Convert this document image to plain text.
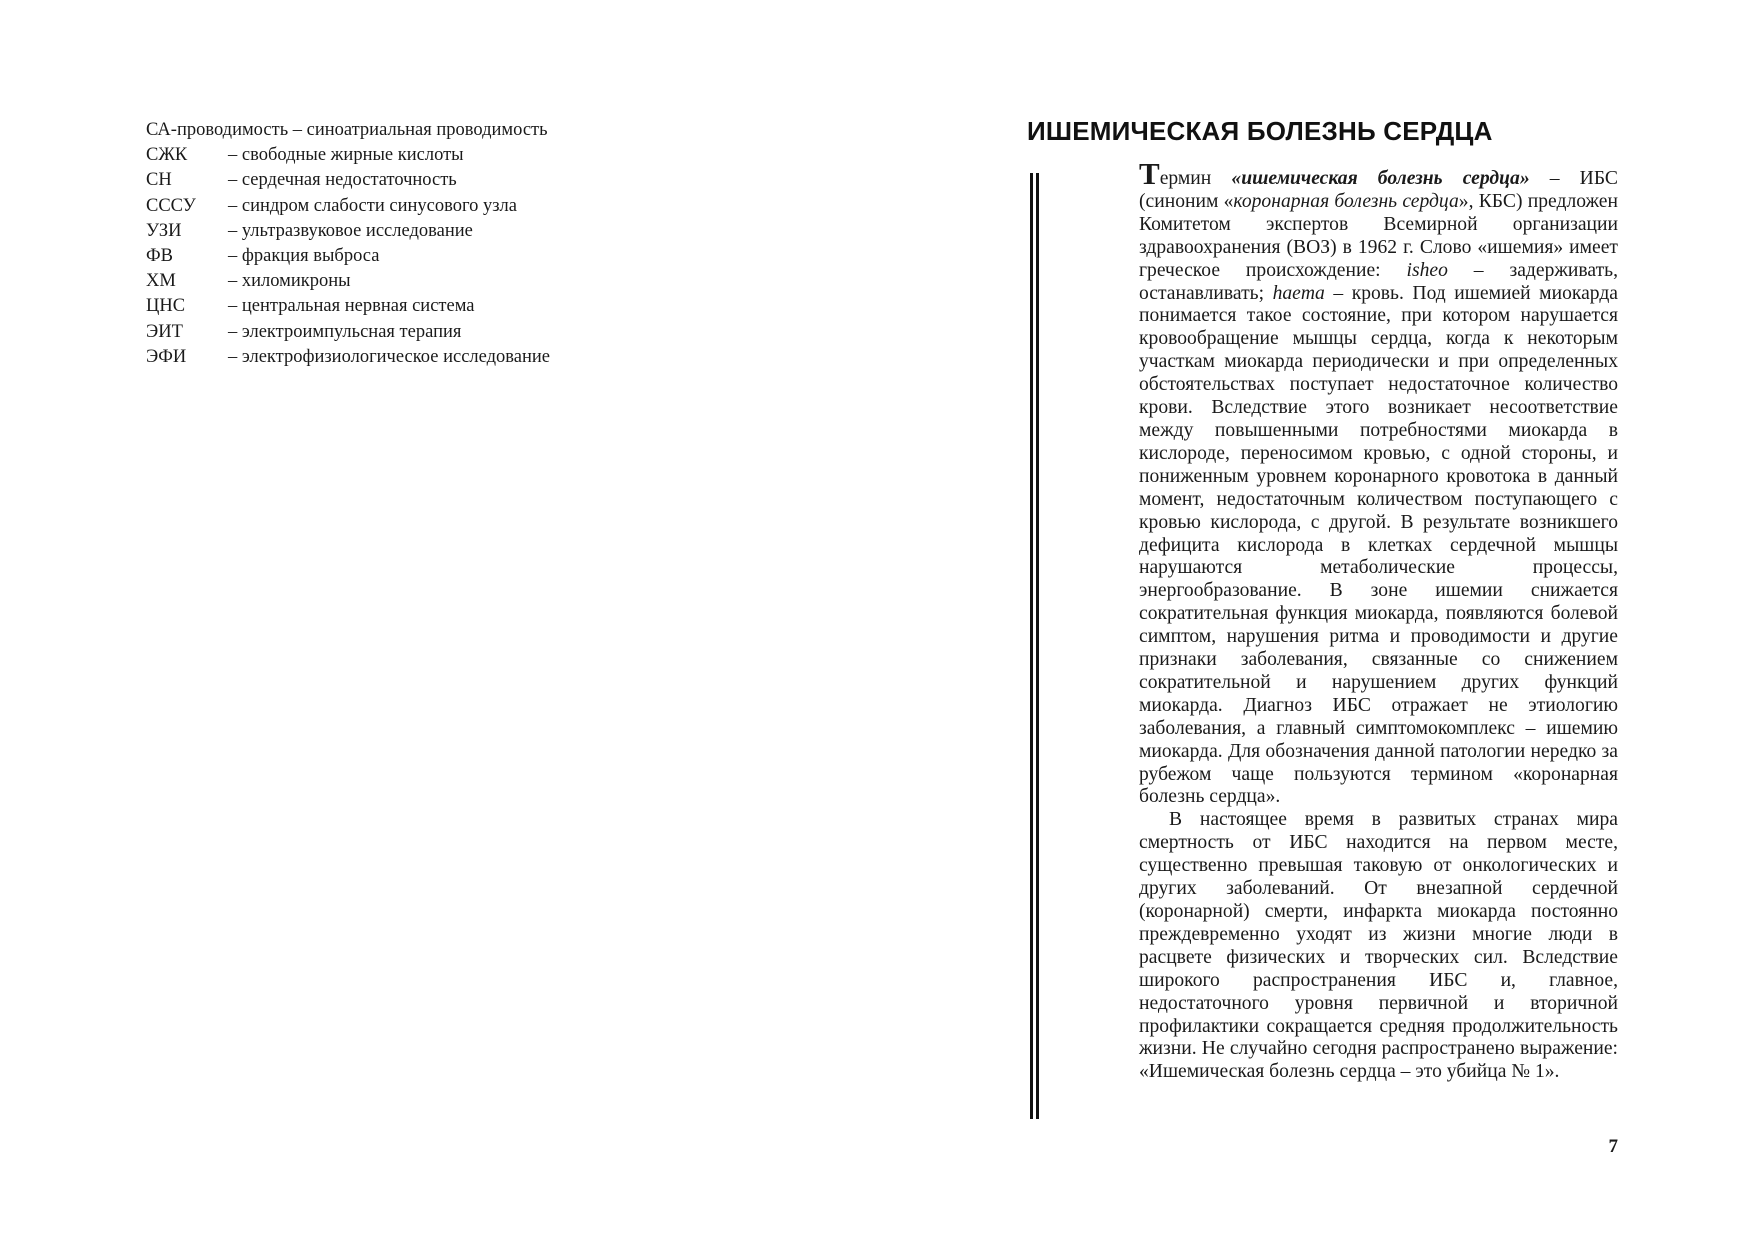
СА-проводимость – синоатриальная проводимость
СЖК	– свободные жирные кислоты
СН	– сердечная недостаточность
СССУ	– синдром слабости синусового узла
УЗИ	– ультразвуковое исследование
ФВ	– фракция выброса
ХМ	– хиломикроны
ЦНС	– центральная нервная система
ЭИТ	– электроимпульсная терапия
ЭФИ	– электрофизиологическое исследование
ИШЕМИЧЕСКАЯ БОЛЕЗНЬ СЕРДЦА

Термин «ишемическая болезнь сердца» – ИБС (синоним «коронарная болезнь сердца», КБС) предложен Комитетом экспертов Всемирной организации здравоохранения (ВОЗ) в 1962 г. Слово «ишемия» имеет греческое происхождение: isheo – задерживать, останавливать; haema – кровь. Под ишемией миокарда понимается такое состояние, при котором нарушается кровообращение мышцы сердца, когда к некоторым участкам миокарда периодически и при определенных обстоятельствах поступает недостаточное количество крови. Вследствие этого возникает несоответствие между повышенными потребностями миокарда в кислороде, переносимом кровью, с одной стороны, и пониженным уровнем коронарного кровотока в данный момент, недостаточным количеством поступающего с кровью кислорода, с другой. В результате возникшего дефицита кислорода в клетках сердечной мышцы нарушаются метаболические процессы, энергообразование. В зоне ишемии снижается сократительная функция миокарда, появляются болевой симптом, нарушения ритма и проводимости и другие признаки заболевания, связанные со снижением сократительной и нарушением других функций миокарда. Диагноз ИБС отражает не этиологию заболевания, а главный симптомокомплекс – ишемию миокарда. Для обозначения данной патологии нередко за рубежом чаще пользуются термином «коронарная болезнь сердца».

В настоящее время в развитых странах мира смертность от ИБС находится на первом месте, существенно превышая таковую от онкологических и других заболеваний. От внезапной сердечной (коронарной) смерти, инфаркта миокарда постоянно преждевременно уходят из жизни многие люди в расцвете физических и творческих сил. Вследствие широкого распространения ИБС и, главное, недостаточного уровня первичной и вторичной профилактики сокращается средняя продолжительность жизни. Не случайно сегодня распространено выражение: «Ишемическая болезнь сердца – это убийца № 1».

7
